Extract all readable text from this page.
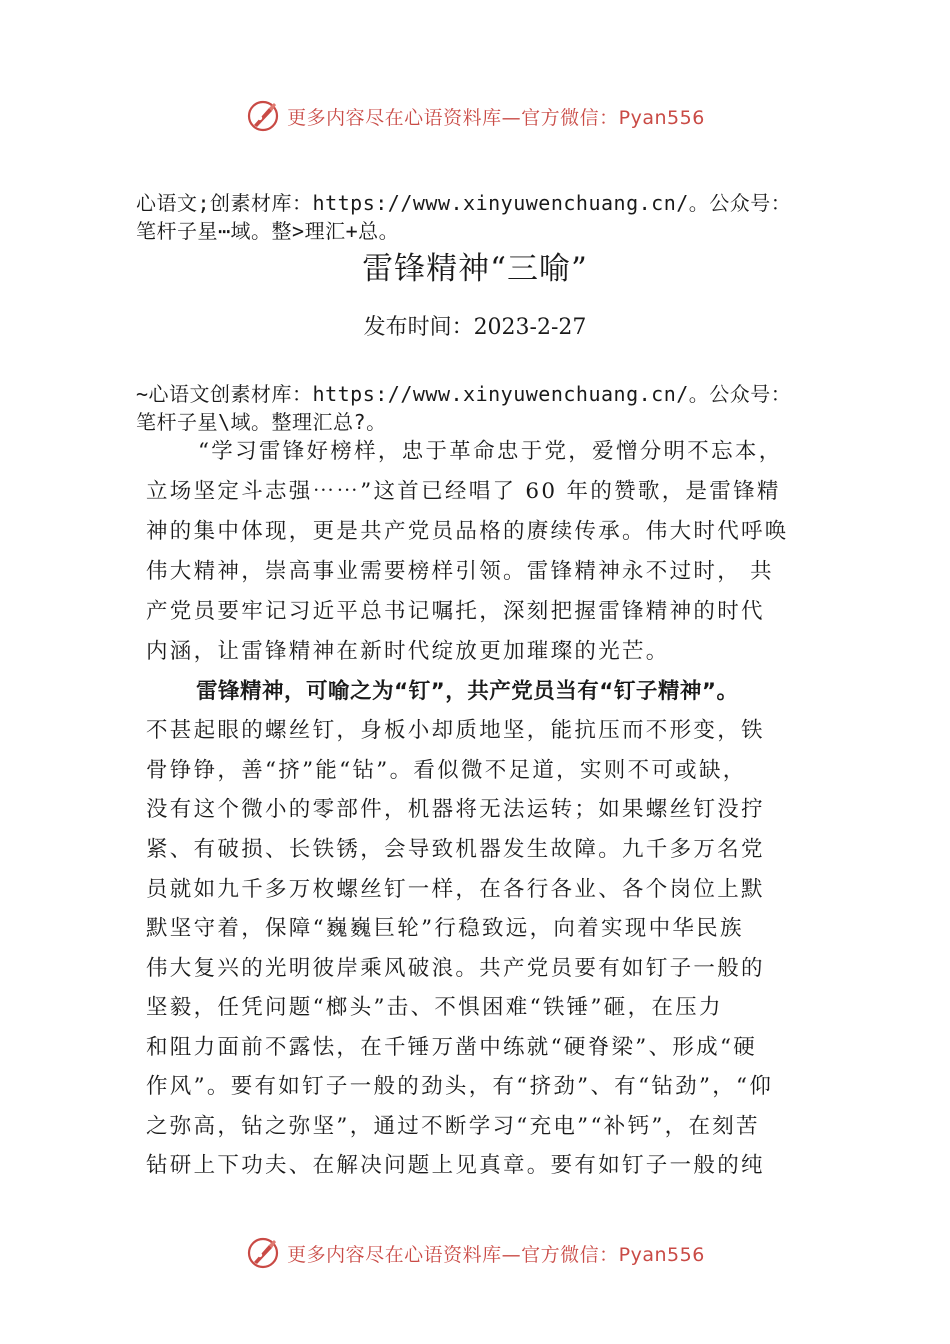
更多内容尽在心语资料库—官方微信：Pyan556
心语文;创素材库：https://www.xinyuwenchuang.cn/。公众号：
笔杆子星⋯域。整>理汇+总。
雷锋精神“三喻”
发布时间：2023-2-27
~心语文创素材库：https://www.xinyuwenchuang.cn/。公众号：
笔杆子星\域。整理汇总?。
“学习雷锋好榜样，忠于革命忠于党，爱憎分明不忘本，
立场坚定斗志强⋯⋯”这首已经唱了 60 年的赞歌，是雷锋精
神的集中体现，更是共产党员品格的赓续传承。伟大时代呼唤
伟大精神，崇高事业需要榜样引领。雷锋精神永不过时， 共
产党员要牢记习近平总书记嘱托，深刻把握雷锋精神的时代
内涵，让雷锋精神在新时代绽放更加璀璨的光芒。
雷锋精神，可喻之为“钉”，共产党员当有“钉子精神”。
不甚起眼的螺丝钉，身板小却质地坚，能抗压而不形变，铁
骨铮铮，善“挤”能“钻”。看似微不足道，实则不可或缺，
没有这个微小的零部件，机器将无法运转；如果螺丝钉没拧
紧、有破损、长铁锈，会导致机器发生故障。九千多万名党
员就如九千多万枚螺丝钉一样，在各行各业、各个岗位上默
默坚守着，保障“巍巍巨轮”行稳致远，向着实现中华民族
伟大复兴的光明彼岸乘风破浪。共产党员要有如钉子一般的
坚毅，任凭问题“榔头”击、不惧困难“铁锤”砸，在压力
和阻力面前不露怯，在千锤万凿中练就“硬脊梁”、形成“硬
作风”。要有如钉子一般的劲头，有“挤劲”、有“钻劲”，“仰
之弥高，钻之弥坚”，通过不断学习“充电”“补钙”，在刻苦
钻研上下功夫、在解决问题上见真章。要有如钉子一般的纯
更多内容尽在心语资料库—官方微信：Pyan556
